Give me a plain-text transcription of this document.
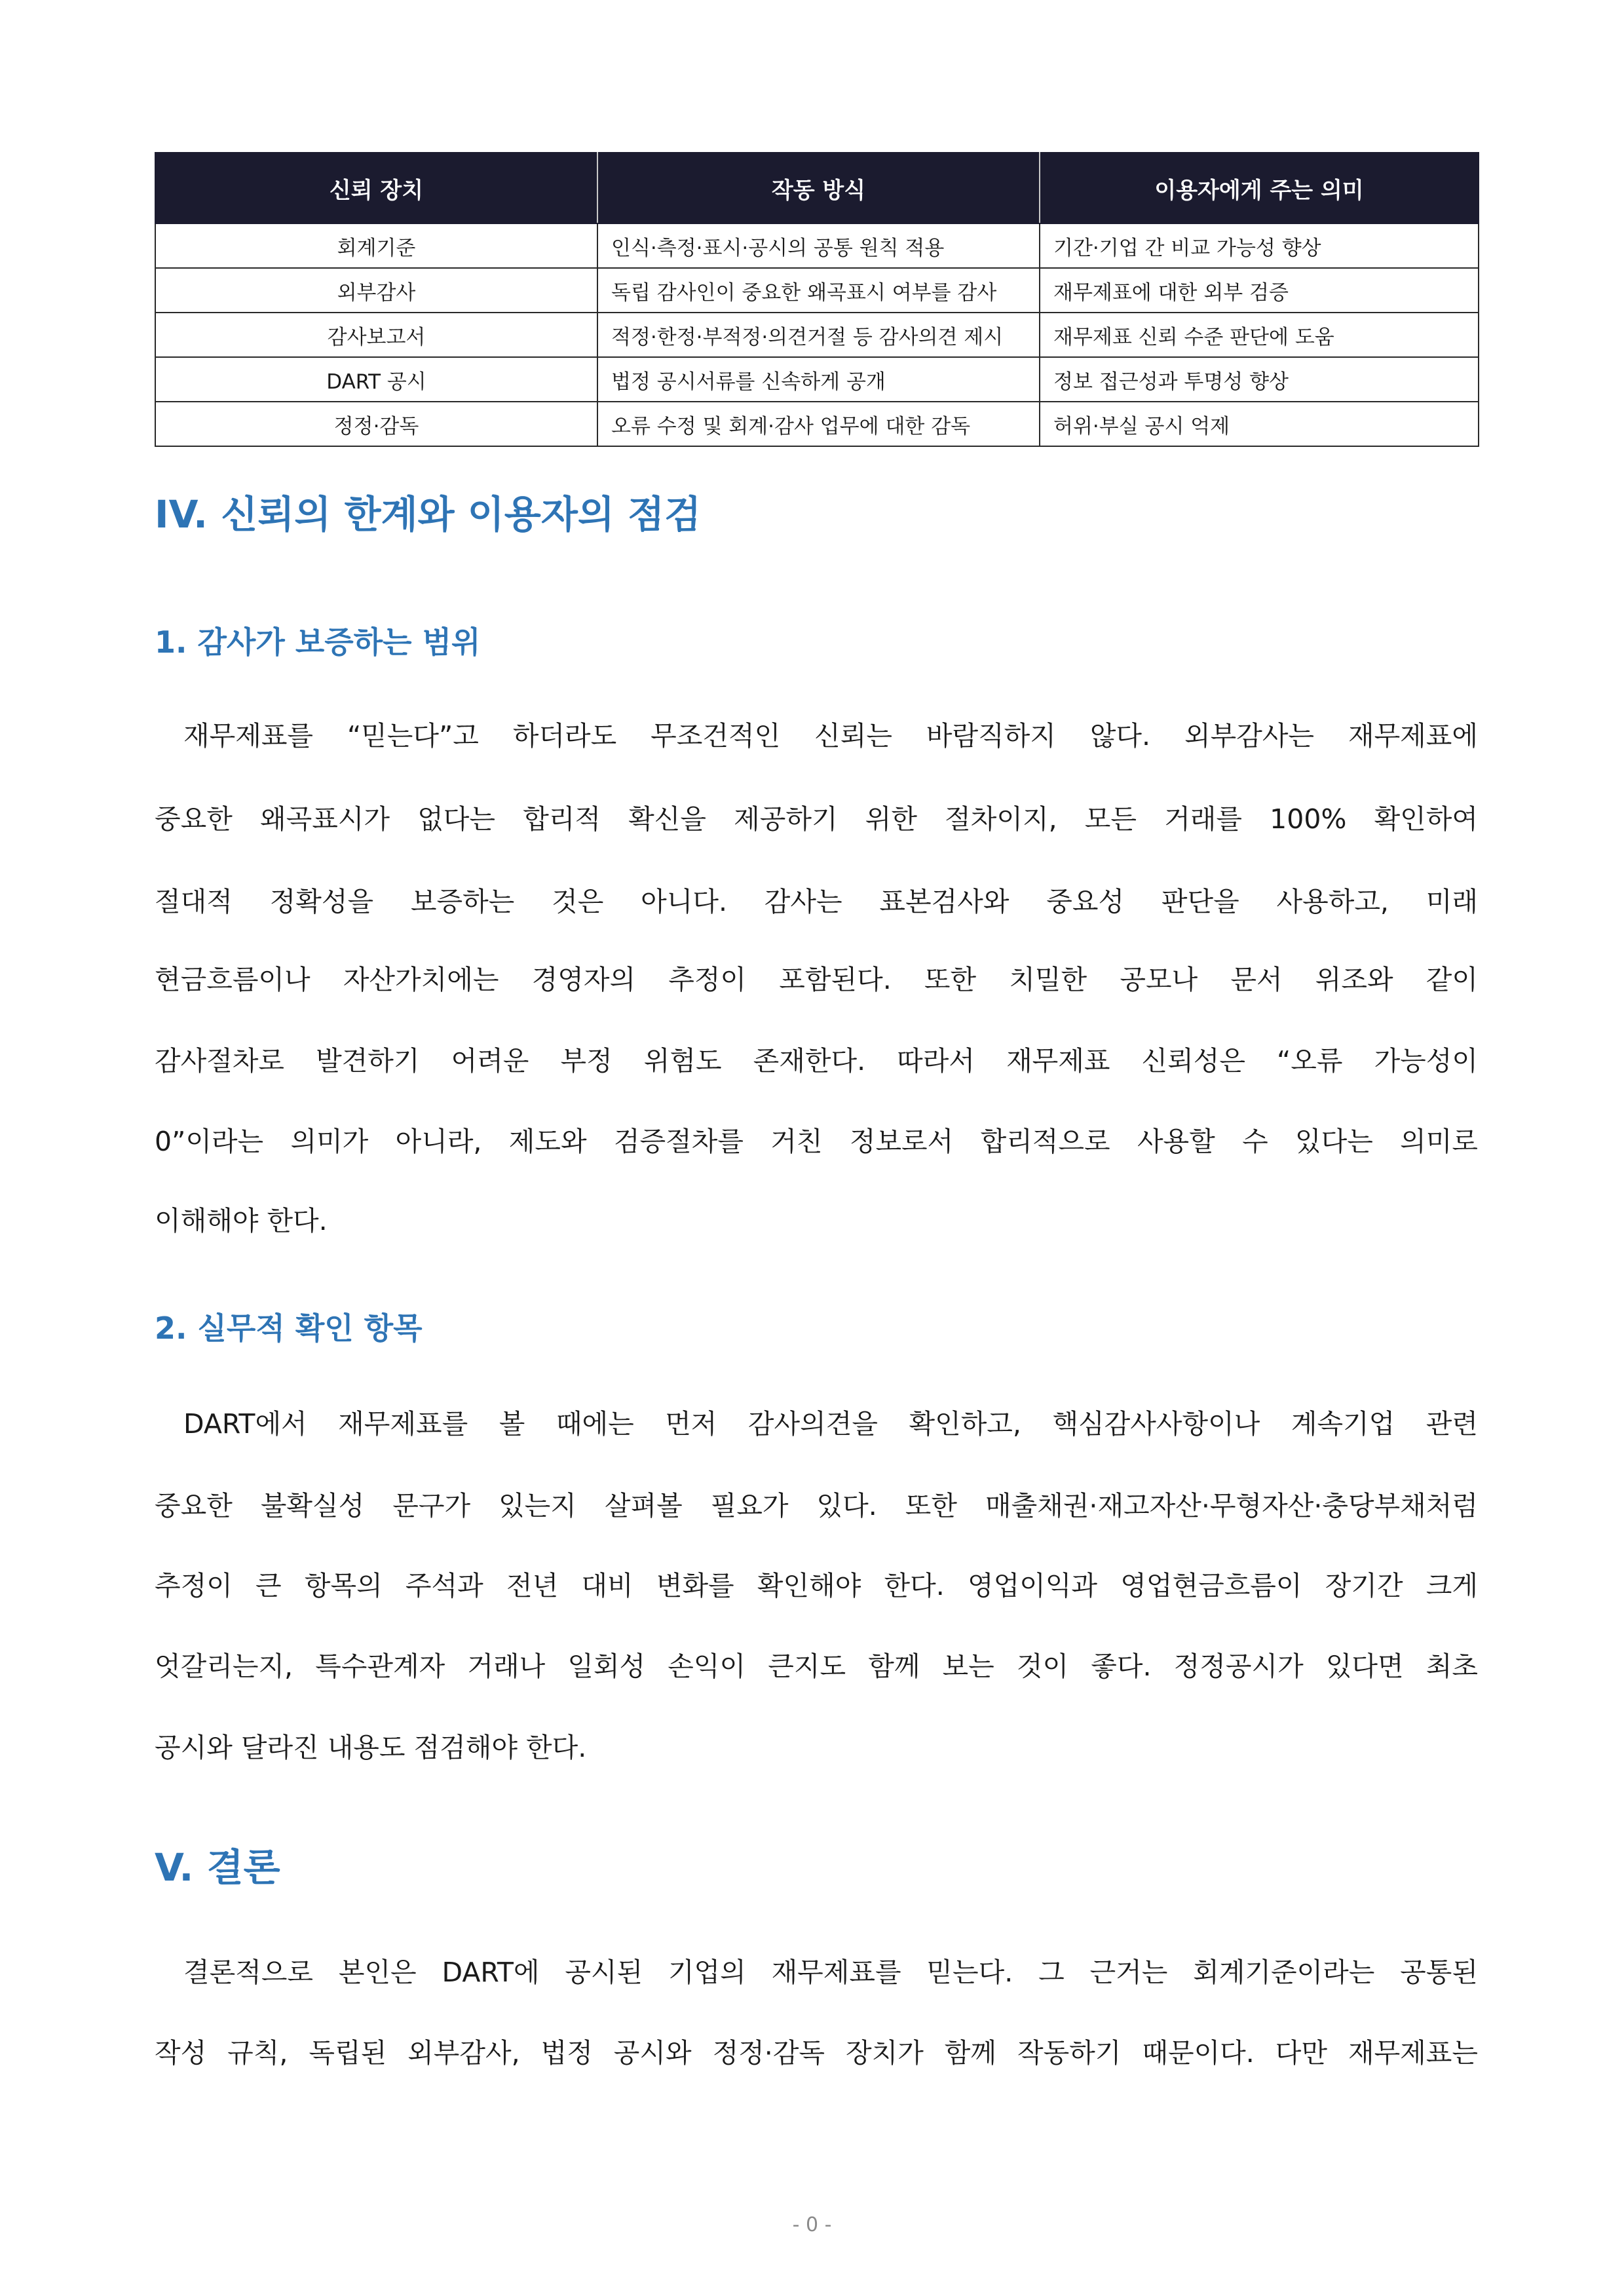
신뢰 장치	작동 방식	이용자에게 주는 의미
회계기준	인식·측정·표시·공시의 공통 원칙 적용	기간·기업 간 비교 가능성 향상
외부감사	독립 감사인이 중요한 왜곡표시 여부를 감사	재무제표에 대한 외부 검증
감사보고서	적정·한정·부적정·의견거절 등 감사의견 제시	재무제표 신뢰 수준 판단에 도움
DART 공시	법정 공시서류를 신속하게 공개	정보 접근성과 투명성 향상
정정·감독	오류 수정 및 회계·감사 업무에 대한 감독	허위·부실 공시 억제
IV. 신뢰의 한계와 이용자의 점검
1. 감사가 보증하는 범위
재무제표를 “믿는다”고 하더라도 무조건적인 신뢰는 바람직하지 않다. 외부감사는 재무제표에
중요한 왜곡표시가 없다는 합리적 확신을 제공하기 위한 절차이지, 모든 거래를 100% 확인하여
절대적 정확성을 보증하는 것은 아니다. 감사는 표본검사와 중요성 판단을 사용하고, 미래
현금흐름이나 자산가치에는 경영자의 추정이 포함된다. 또한 치밀한 공모나 문서 위조와 같이
감사절차로 발견하기 어려운 부정 위험도 존재한다. 따라서 재무제표 신뢰성은 “오류 가능성이
0”이라는 의미가 아니라, 제도와 검증절차를 거친 정보로서 합리적으로 사용할 수 있다는 의미로
이해해야 한다.
2. 실무적 확인 항목
DART에서 재무제표를 볼 때에는 먼저 감사의견을 확인하고, 핵심감사사항이나 계속기업 관련
중요한 불확실성 문구가 있는지 살펴볼 필요가 있다. 또한 매출채권·재고자산·무형자산·충당부채처럼
추정이 큰 항목의 주석과 전년 대비 변화를 확인해야 한다. 영업이익과 영업현금흐름이 장기간 크게
엇갈리는지, 특수관계자 거래나 일회성 손익이 큰지도 함께 보는 것이 좋다. 정정공시가 있다면 최초
공시와 달라진 내용도 점검해야 한다.
V. 결론
결론적으로 본인은 DART에 공시된 기업의 재무제표를 믿는다. 그 근거는 회계기준이라는 공통된
작성 규칙, 독립된 외부감사, 법정 공시와 정정·감독 장치가 함께 작동하기 때문이다. 다만 재무제표는
- 0 -
